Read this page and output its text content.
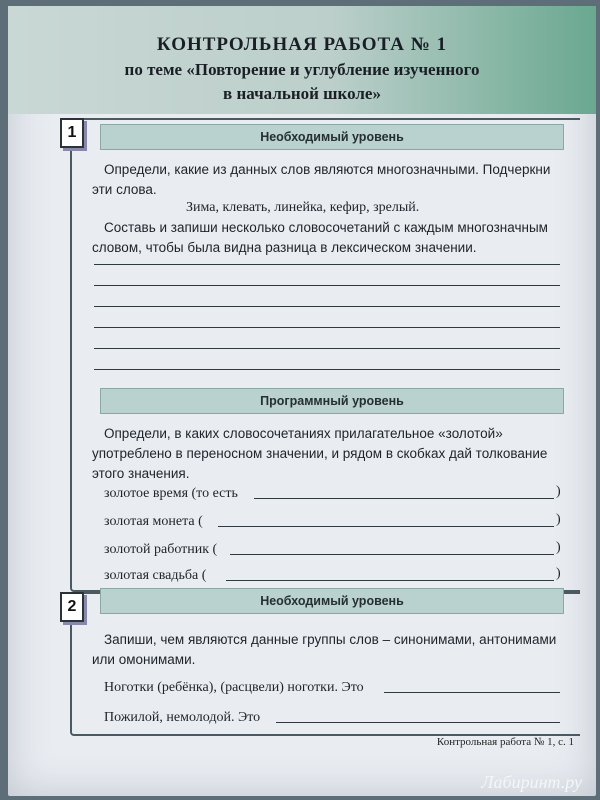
КОНТРОЛЬНАЯ РАБОТА № 1
по теме «Повторение и углубление изученного
в начальной школе»
1	Необходимый уровень
Определи, какие из данных слов являются многозначными. Подчеркни эти слова.
Зима, клевать, линейка, кефир, зрелый.
Составь и запиши несколько словосочетаний с каждым многозначным словом, чтобы была видна разница в лексическом значении.
Программный уровень
Определи, в каких словосочетаниях прилагательное «золотой» употреблено в переносном значении, и рядом в скобках дай толкование этого значения.
золотое время (то есть	)
золотая монета (	)
золотой работник (	)
золотая свадьба (	)
2	Необходимый уровень
Запиши, чем являются данные группы слов – синонимами, антонимами или омонимами.
Ноготки (ребёнка), (расцвели) ноготки. Это
Пожилой, немолодой. Это
Контрольная работа № 1, с. 1
Лабиринт.ру
